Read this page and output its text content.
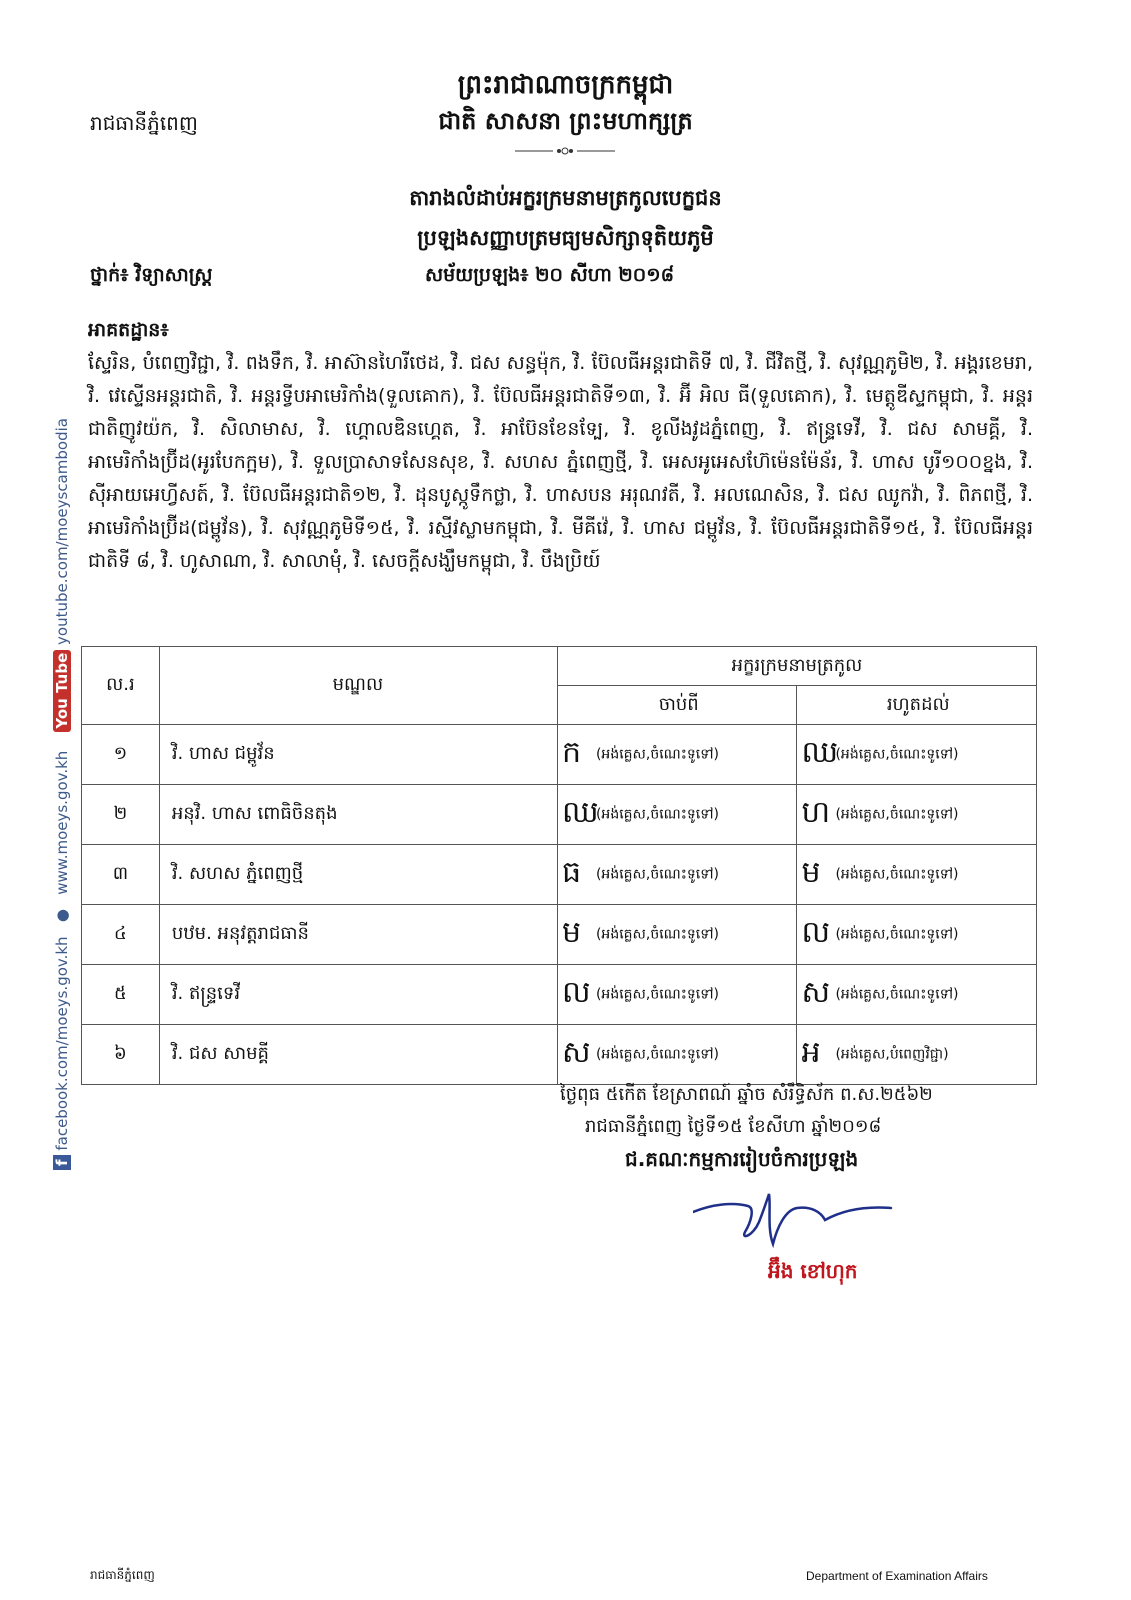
ព្រះរាជាណាចក្រកម្ពុជា
ជាតិ សាសនា ព្រះមហាក្សត្រ
រាជធានីភ្នំពេញ
តារាងលំដាប់អក្ខរក្រមនាមត្រកូលបេក្ខជន
ប្រឡងសញ្ញាបត្រមធ្យមសិក្សាទុតិយភូមិ
ថ្នាក់៖ វិទ្យាសាស្ត្រ	សម័យប្រឡង៖ ២០ សីហា ២០១៨
អាគតដ្ឋាន៖
ស្ទែរិន, បំពេញវិជ្ជា, វិ. ពងទឹក, វិ. អាស៊ានហៃរីថេដ, វិ. ជស សន្ធម៉ុក, វិ. ប៊ែលធីអន្តរជាតិទី ៧, វិ. ជីវិតថ្មី, វិ. សុវណ្ណភូមិ២, វិ. អង្គរខេមរា, វិ. វេស្ទើនអន្តរជាតិ, វិ. អន្តរទ្វីបអាមេរិកាំង(ទួលគោក), វិ. ប៊ែលធីអន្តរជាតិទី១៣, វិ. អ៊ី អិល ធី(ទួលគោក), វិ. មេត្តូឌីស្ទកម្ពុជា, វិ. អន្តរជាតិញូវយ៉ក, វិ. សិលាមាស, វិ. ហ្គោលឌិនហ្គេត, វិ. អាប៊ែនខែនទ្បែ, វិ. ខូលីងវូដភ្នំពេញ, វិ. ឥន្ទ្រទេវី, វិ. ជស សាមគ្គី, វិ. អាមេរិកាំងប្រ៊ីដ(អូរបែកក្អម), វិ. ទួលប្រាសាទសែនសុខ, វិ. សហស ភ្នំពេញថ្មី, វិ. អេសអូអេសហ៊ែម៉េនម៉ែន័រ, វិ. ហាស បូរី១០០ខ្នង, វិ. ស៊ីអាយអេហ្វីសត៍, វិ. ប៊ែលធីអន្តរជាតិ១២, វិ. ដុនបូស្កូទឹកថ្លា, វិ. ហាសបន អរុណវតី, វិ. អលណេសិន, វិ. ជស ឈូកវ៉ា, វិ. ពិភពថ្មី, វិ. អាមេរិកាំងប្រ៊ីដ(ជម្ពូវ័ន), វិ. សុវណ្ណភូមិទី១៥, វិ. រស្មីវស្លាមកម្ពុជា, វិ. មីគីវ៉េ, វិ. ហាស ជម្ពូវ័ន, វិ. ប៊ែលធីអន្តរជាតិទី១៥, វិ. ប៊ែលធីអន្តរជាតិទី ៨, វិ. ហូសាណា, វិ. សាលាមុំ, វិ. សេចក្តីសង្ឃឹមកម្ពុជា, វិ. បឹងប្រិយ៍
ល.រ	មណ្ឌល	អក្ខរក្រមនាមត្រកូល	
		ចាប់ពី	រហូតដល់
១	វិ. ហាស ជម្ពូវ័ន	ក (អង់គ្លេស,ចំណេះទូទៅ)	ឈ(អង់គ្លេស,ចំណេះទូទៅ)
២	អនុវិ. ហាស ពោធិចិនតុង	ឈ(អង់គ្លេស,ចំណេះទូទៅ)	ហ (អង់គ្លេស,ចំណេះទូទៅ)
៣	វិ. សហស ភ្នំពេញថ្មី	ធ (អង់គ្លេស,ចំណេះទូទៅ)	ម (អង់គ្លេស,ចំណេះទូទៅ)
៤	បឋម. អនុវត្តរាជធានី	ម (អង់គ្លេស,ចំណេះទូទៅ)	ល (អង់គ្លេស,ចំណេះទូទៅ)
៥	វិ. ឥន្ទ្រទេវី	ល (អង់គ្លេស,ចំណេះទូទៅ)	ស (អង់គ្លេស,ចំណេះទូទៅ)
៦	វិ. ជស សាមគ្គី	ស (អង់គ្លេស,ចំណេះទូទៅ)	អ (អង់គ្លេស,បំពេញវិជ្ជា)
ថ្ងៃពុធ ៥កើត ខែស្រាពណ៍ ឆ្នាំច សំរឹទ្ធិស័ក ព.ស.២៥៦២
រាជធានីភ្នំពេញ ថ្ងៃទី១៥ ខែសីហា ឆ្នាំ២០១៨
ជ.គណៈកម្មការរៀបចំការប្រឡង
អ៊ឹង ខៅហុក
f facebook.com/moeys.gov.kh   ●   www.moeys.gov.kh    You Tube youtube.com/moeyscambodia
រាជធានីភ្នំពេញ	Department of Examination Affairs
